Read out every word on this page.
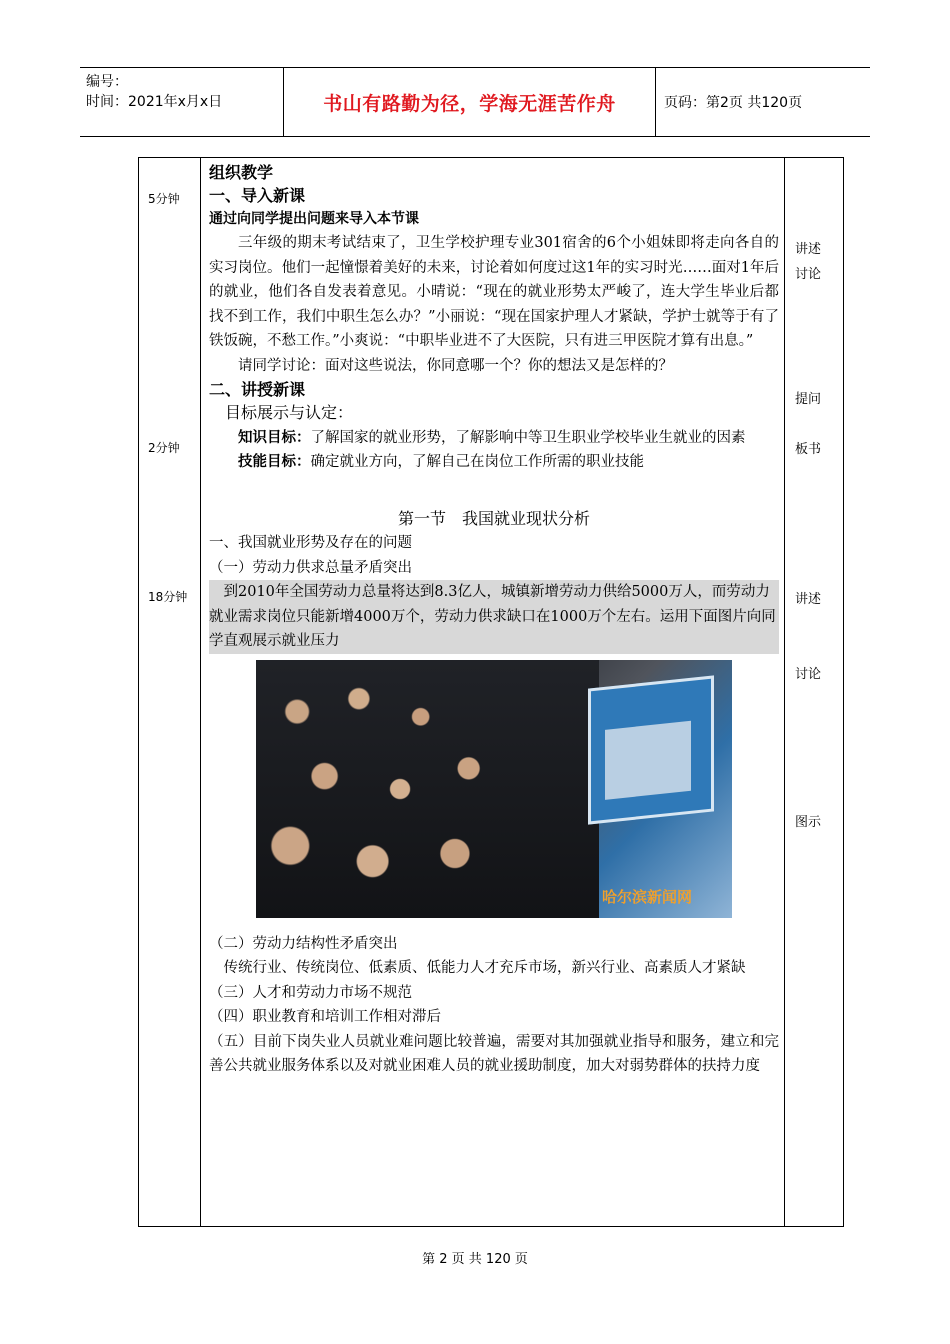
编号：
时间：2021年x月x日	书山有路勤为径，学海无涯苦作舟	页码：第2页 共120页
5分钟
2分钟
18分钟
讲述
讨论
提问
板书
讲述
讨论
图示

组织教学

一、导入新课

通过向同学提出问题来导入本节课

三年级的期末考试结束了，卫生学校护理专业301宿舍的6个小姐妹即将走向各自的实习岗位。他们一起憧憬着美好的未来，讨论着如何度过这1年的实习时光……面对1年后的就业，他们各自发表着意见。小晴说：“现在的就业形势太严峻了，连大学生毕业后都找不到工作，我们中职生怎么办？”小丽说：“现在国家护理人才紧缺，学护士就等于有了铁饭碗，不愁工作。”小爽说：“中职毕业进不了大医院，只有进三甲医院才算有出息。”

请同学讨论：面对这些说法，你同意哪一个？你的想法又是怎样的？

二、讲授新课

目标展示与认定：

知识目标：了解国家的就业形势，了解影响中等卫生职业学校毕业生就业的因素

技能目标：确定就业方向，了解自己在岗位工作所需的职业技能

第一节　我国就业现状分析

一、我国就业形势及存在的问题

（一）劳动力供求总量矛盾突出

到2010年全国劳动力总量将达到8.3亿人，城镇新增劳动力供给5000万人，而劳动力就业需求岗位只能新增4000万个，劳动力供求缺口在1000万个左右。运用下面图片向同学直观展示就业压力

哈尔滨新闻网

（二）劳动力结构性矛盾突出

传统行业、传统岗位、低素质、低能力人才充斥市场，新兴行业、高素质人才紧缺

（三）人才和劳动力市场不规范

（四）职业教育和培训工作相对滞后

（五）目前下岗失业人员就业难问题比较普遍，需要对其加强就业指导和服务，建立和完善公共就业服务体系以及对就业困难人员的就业援助制度，加大对弱势群体的扶持力度

第 2 页 共 120 页
